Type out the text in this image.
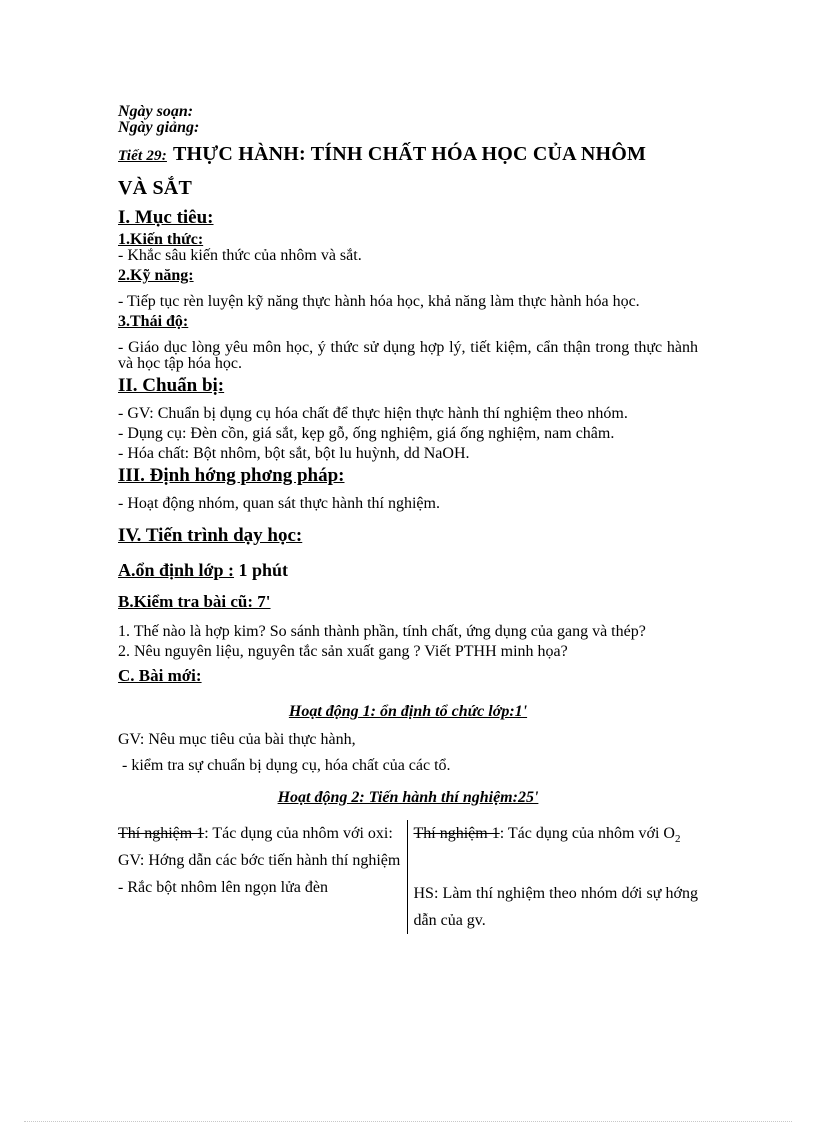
Ngày soạn:

Ngày giảng:

Tiết 29: THỰC HÀNH: TÍNH CHẤT HÓA HỌC CỦA NHÔM
VÀ SẮT
I. Mục tiêu:
1.Kiến thức:
- Khắc sâu kiến thức của nhôm và sắt.
2.Kỹ năng:
- Tiếp tục rèn luyện kỹ năng thực hành hóa học, khả năng làm thực hành hóa học.
3.Thái độ:
- Giáo dục lòng yêu môn học, ý thức sử dụng hợp lý, tiết kiệm, cẩn thận trong thực hành và học tập hóa học.
II. Chuẩn bị:
- GV: Chuẩn bị dụng cụ hóa chất để thực hiện thực hành thí nghiệm theo nhóm.
- Dụng cụ: Đèn cồn, giá sắt, kẹp gỗ, ống nghiệm, giá ống nghiệm, nam châm.
- Hóa chất: Bột nhôm, bột sắt, bột lu huỳnh, dd NaOH.
III. Định hớng phơng pháp:
- Hoạt động nhóm, quan sát thực hành thí nghiệm.
IV. Tiến trình dạy học:
A.ổn định lớp : 1 phút
B.Kiểm tra bài cũ: 7'
1. Thế nào là hợp kim? So sánh thành phần, tính chất, ứng dụng của gang và thép?
2. Nêu nguyên liệu, nguyên tắc sản xuất gang ? Viết PTHH minh họa?
C. Bài mới:
Hoạt động 1: ổn định tổ chức lớp:1'
GV: Nêu mục tiêu của bài thực hành,
- kiểm tra sự chuẩn bị dụng cụ, hóa chất của các tổ.
Hoạt động 2: Tiến hành thí nghiệm:25'
Thí nghiệm 1: Tác dụng của nhôm với oxi:
GV: Hớng dẫn các bớc tiến hành thí nghiệm
- Rắc bột nhôm lên ngọn lửa đèn
Thí nghiệm 1: Tác dụng của nhôm với $O_2$
HS: Làm thí nghiệm theo nhóm dới sự hớng dẫn của gv.
